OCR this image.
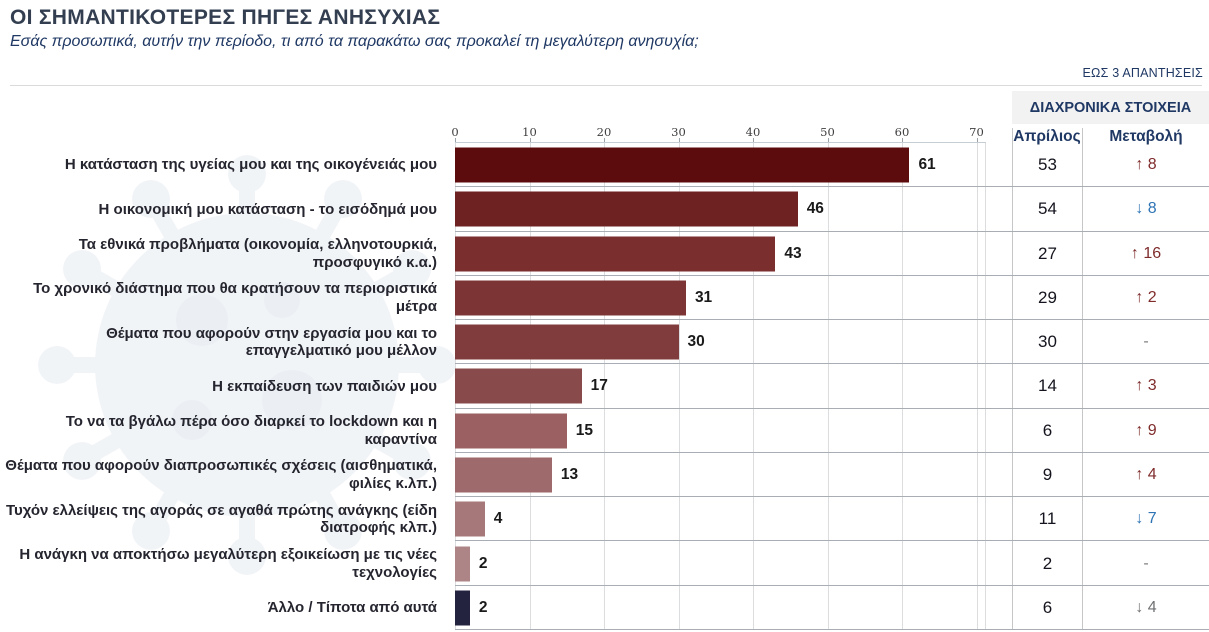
ΟΙ ΣΗΜΑΝΤΙΚΟΤΕΡΕΣ ΠΗΓΕΣ ΑΝΗΣΥΧΙΑΣ
Εσάς προσωπικά, αυτήν την περίοδο, τι από τα παρακάτω σας προκαλεί τη μεγαλύτερη ανησυχία;
ΕΩΣ 3 ΑΠΑΝΤΗΣΕΙΣ
ΔΙΑΧΡΟΝΙΚΑ ΣΤΟΙΧΕΙΑ
Απρίλιος	Μεταβολή
0	10	20	30	40	50	60	70
Η κατάσταση της υγείας μου και της οικογένειάς μου	61	53	↑ 8
Η οικονομική μου κατάσταση - το εισόδημά μου	46	54	↓ 8
Τα εθνικά προβλήματα (οικονομία, ελληνοτουρκιά, προσφυγικό κ.α.)
43	27	↑ 16
Το χρονικό διάστημα που θα κρατήσουν τα περιοριστικά μέτρα
31	29	↑ 2
Θέματα που αφορούν στην εργασία μου και το επαγγελματικό μου μέλλον
30	30	-
Η εκπαίδευση των παιδιών μου	17	14	↑ 3
Το να τα βγάλω πέρα όσο διαρκεί το lockdown και η καραντίνα
15	6	↑ 9
Θέματα που αφορούν διαπροσωπικές σχέσεις (αισθηματικά, φιλίες κ.λπ.)
13	9	↑ 4
Τυχόν ελλείψεις της αγοράς σε αγαθά πρώτης ανάγκης (είδη διατροφής κλπ.)
4	11	↓ 7
Η ανάγκη να αποκτήσω μεγαλύτερη εξοικείωση με τις νέες τεχνολογίες
2	2	-
Άλλο / Τίποτα από αυτά	2	6	↓ 4
